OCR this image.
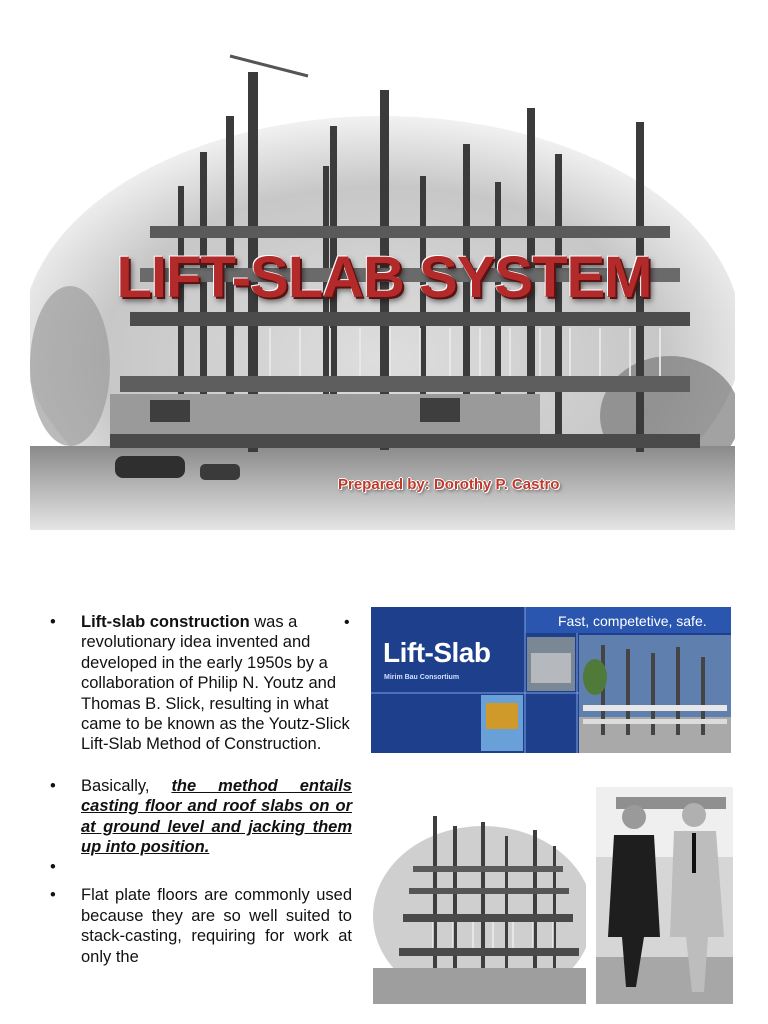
LIFT-SLAB SYSTEM
Prepared by: Dorothy P. Castro
• Lift-slab construction was a revolutionary idea invented and developed in the early 1950s by a collaboration of Philip N. Youtz and Thomas B. Slick, resulting in what came to be known as the Youtz-Slick Lift-Slab Method of Construction.
• Basically, the method entails casting floor and roof slabs on or at ground level and jacking them up into position.
•
• Flat plate floors are commonly used because they are so well suited to stack-casting, requiring for work at only the
•	Fast, competetive, safe.
Lift-Slab
Mirim Bau Consortium
